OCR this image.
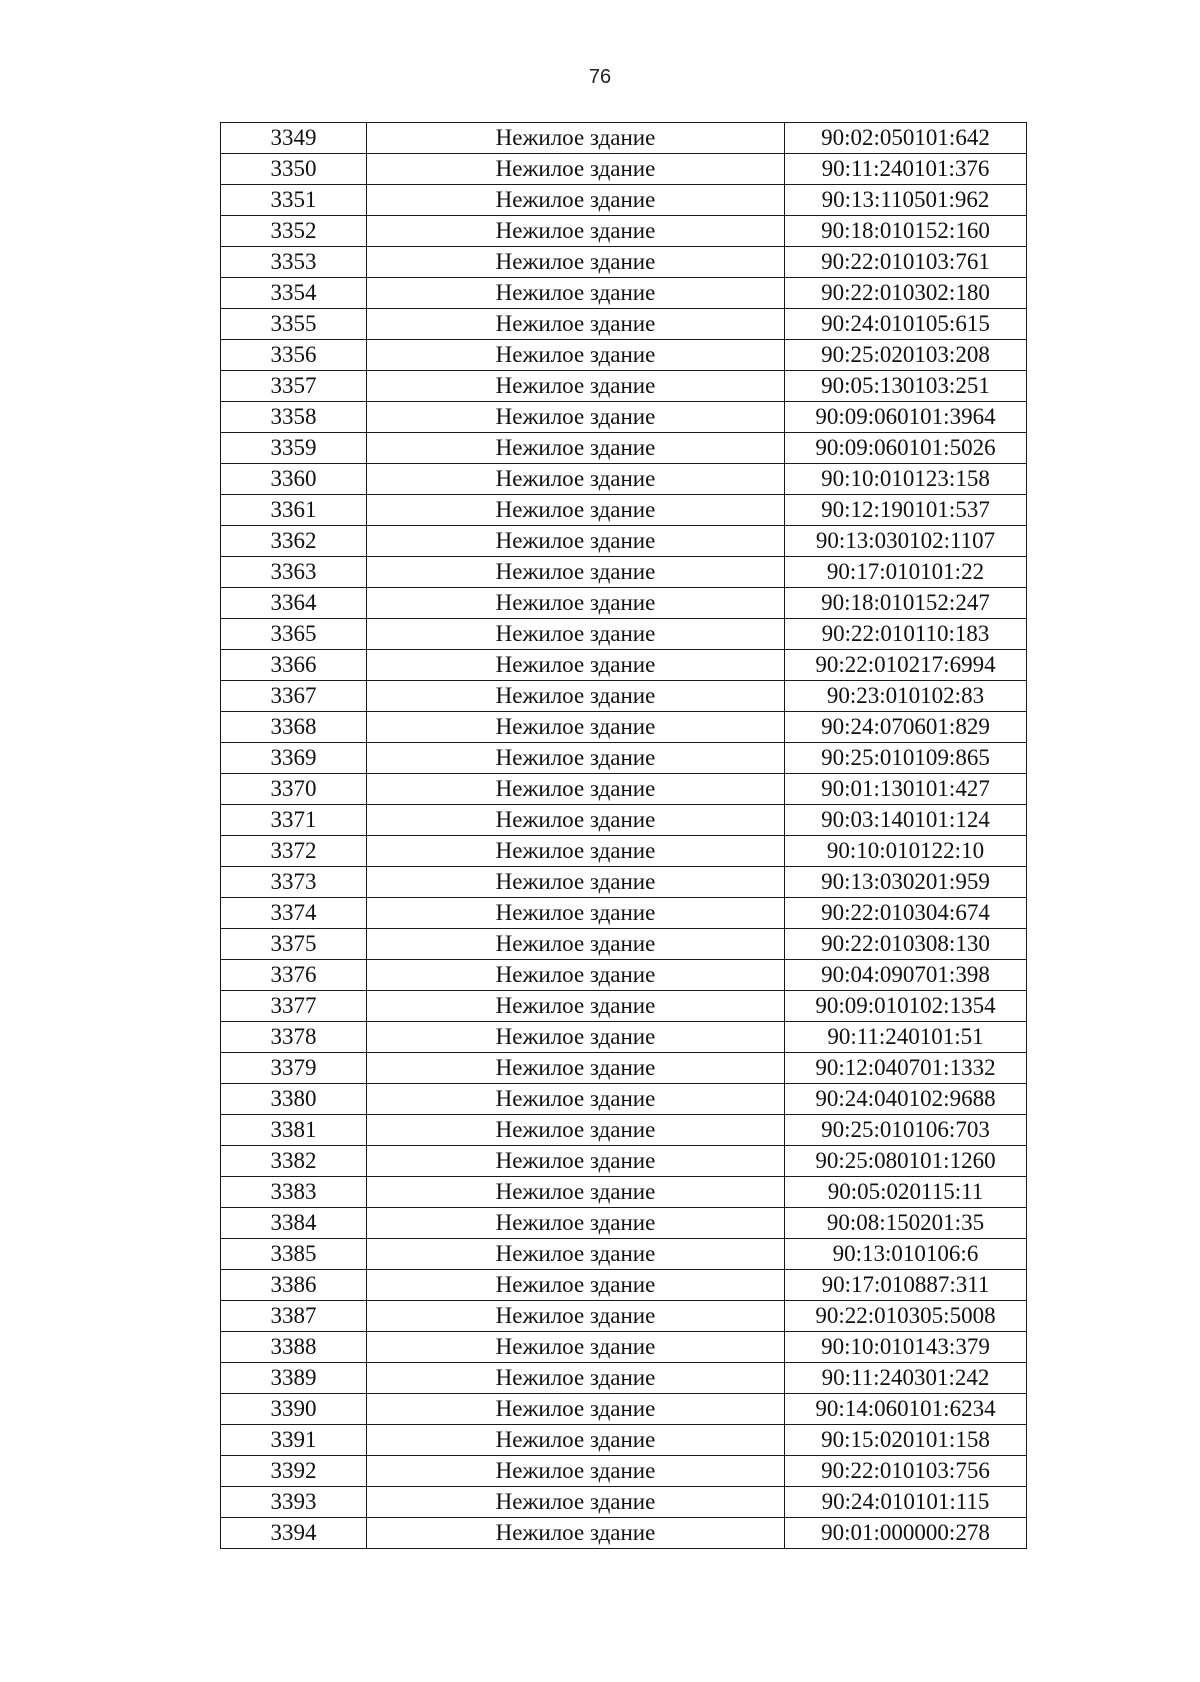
76
3349	Нежилое здание	90:02:050101:642
3350	Нежилое здание	90:11:240101:376
3351	Нежилое здание	90:13:110501:962
3352	Нежилое здание	90:18:010152:160
3353	Нежилое здание	90:22:010103:761
3354	Нежилое здание	90:22:010302:180
3355	Нежилое здание	90:24:010105:615
3356	Нежилое здание	90:25:020103:208
3357	Нежилое здание	90:05:130103:251
3358	Нежилое здание	90:09:060101:3964
3359	Нежилое здание	90:09:060101:5026
3360	Нежилое здание	90:10:010123:158
3361	Нежилое здание	90:12:190101:537
3362	Нежилое здание	90:13:030102:1107
3363	Нежилое здание	90:17:010101:22
3364	Нежилое здание	90:18:010152:247
3365	Нежилое здание	90:22:010110:183
3366	Нежилое здание	90:22:010217:6994
3367	Нежилое здание	90:23:010102:83
3368	Нежилое здание	90:24:070601:829
3369	Нежилое здание	90:25:010109:865
3370	Нежилое здание	90:01:130101:427
3371	Нежилое здание	90:03:140101:124
3372	Нежилое здание	90:10:010122:10
3373	Нежилое здание	90:13:030201:959
3374	Нежилое здание	90:22:010304:674
3375	Нежилое здание	90:22:010308:130
3376	Нежилое здание	90:04:090701:398
3377	Нежилое здание	90:09:010102:1354
3378	Нежилое здание	90:11:240101:51
3379	Нежилое здание	90:12:040701:1332
3380	Нежилое здание	90:24:040102:9688
3381	Нежилое здание	90:25:010106:703
3382	Нежилое здание	90:25:080101:1260
3383	Нежилое здание	90:05:020115:11
3384	Нежилое здание	90:08:150201:35
3385	Нежилое здание	90:13:010106:6
3386	Нежилое здание	90:17:010887:311
3387	Нежилое здание	90:22:010305:5008
3388	Нежилое здание	90:10:010143:379
3389	Нежилое здание	90:11:240301:242
3390	Нежилое здание	90:14:060101:6234
3391	Нежилое здание	90:15:020101:158
3392	Нежилое здание	90:22:010103:756
3393	Нежилое здание	90:24:010101:115
3394	Нежилое здание	90:01:000000:278
